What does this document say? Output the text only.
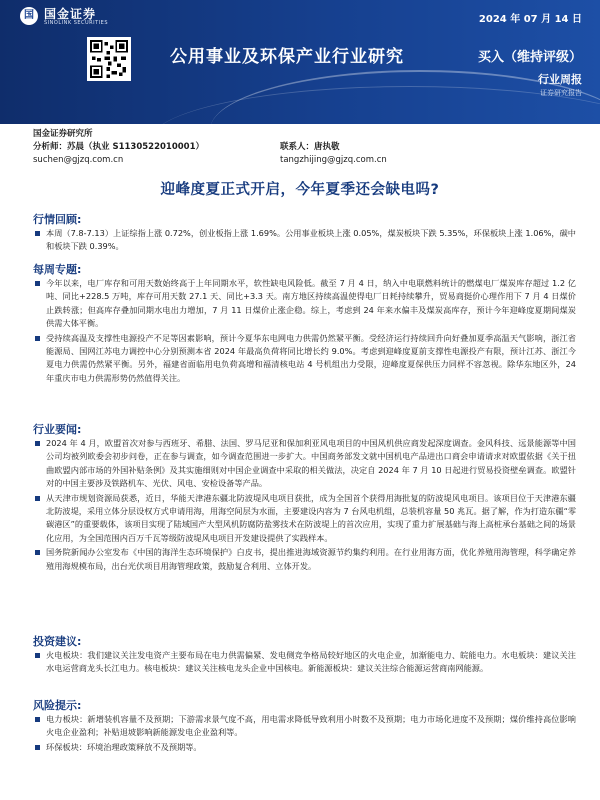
国 国金证券
SINOLINK SECURITIES	2024 年 07 月 14 日
公用事业及环保产业行业研究	买入（维持评级）
行业周报
证券研究报告
国金证券研究所
分析师：苏晨（执业 S1130522010001）	联系人：唐执敬
suchen@gjzq.com.cn	tangzhijing@gjzq.com.cn
迎峰度夏正式开启，今年夏季还会缺电吗?
行情回顾:
本周（7.8-7.13）上证综指上涨 0.72%，创业板指上涨 1.69%。公用事业板块上涨 0.05%，煤炭板块下跌 5.35%，环保板块上涨 1.06%，碳中和板块下跌 0.39%。
每周专题:
今年以来，电厂库存和可用天数始终高于上年同期水平，软性缺电风险低。截至 7 月 4 日，纳入中电联燃料统计的燃煤电厂煤炭库存超过 1.2 亿吨、同比+228.5 万吨，库存可用天数 27.1 天、同比+3.3 天。南方地区持续高温使得电厂日耗持续攀升，贸易商挺价心理作用下 7 月 4 日煤价止跌转涨；但高库存叠加同期水电出力增加，7 月 11 日煤价止涨企稳。综上，考虑到 24 年来水偏丰及煤炭高库存，预计今年迎峰度夏期间煤炭供需大体平衡。
受持续高温及支撑性电源投产不足等因素影响，预计今夏华东电网电力供需仍然紧平衡。受经济运行持续回升向好叠加夏季高温天气影响，浙江省能源局、国网江苏电力调控中心分别预测本省 2024 年最高负荷将同比增长约 9.0%。考虑到迎峰度夏前支撑性电源投产有限，预计江苏、浙江今夏电力供需仍然紧平衡。另外，福建省面临用电负荷高增和福清核电站 4 号机组出力受限，迎峰度夏保供压力同样不容忽视。除华东地区外，24 年重庆市电力供需形势仍然值得关注。
行业要闻:
2024 年 4 月，欧盟首次对参与西班牙、希腊、法国、罗马尼亚和保加利亚风电项目的中国风机供应商发起深度调查。金风科技、远景能源等中国公司均被列欧委会初步问卷，正在参与调查，如今调查范围进一步扩大。中国商务部发文就中国机电产品进出口商会申请请求对欧盟依据《关于扭曲欧盟内部市场的外国补贴条例》及其实施细则对中国企业调查中采取的相关做法，决定自 2024 年 7 月 10 日起进行贸易投资壁垒调查。欧盟针对的中国主要涉及铁路机车、光伏、风电、安检设备等产品。
从天津市规划资源局获悉，近日，华能天津港东疆北防波堤风电项目获批，成为全国首个获得用海批复的防波堤风电项目。该项目位于天津港东疆北防波堤，采用立体分层设权方式申请用海，用海空间层为水面，主要建设内容为 7 台风电机组，总装机容量 50 兆瓦。据了解，作为打造东疆“零碳港区”的重要载体，该项目实现了陆域国产大型风机防腐防盐雾技术在防波堤上的首次应用，实现了重力扩展基础与海上高桩承台基础之间的场景化应用，为全国范围内百万千瓦等级防波堤风电项目开发建设提供了实践样本。
国务院新闻办公室发布《中国的海洋生态环境保护》白皮书，提出推进海域资源节约集约利用。在行业用海方面，优化养殖用海管理，科学确定养殖用海规模布局，出台光伏项目用海管理政策，鼓励复合利用、立体开发。
投资建议:
火电板块：我们建议关注发电资产主要布局在电力供需偏紧、发电侧竞争格局较好地区的火电企业，加渐能电力、皖能电力。水电板块：建议关注水电运营商龙头长江电力。核电板块：建议关注核电龙头企业中国核电。新能源板块：建议关注综合能源运营商南网能源。
风险提示:
电力板块：新增装机容量不及预期；下游需求景气度不高，用电需求降低导致利用小时数不及预期；电力市场化进度不及预期；煤价维持高位影响火电企业盈利；补贴退坡影响新能源发电企业盈利等。
环保板块：环境治理政策释放不及预期等。
